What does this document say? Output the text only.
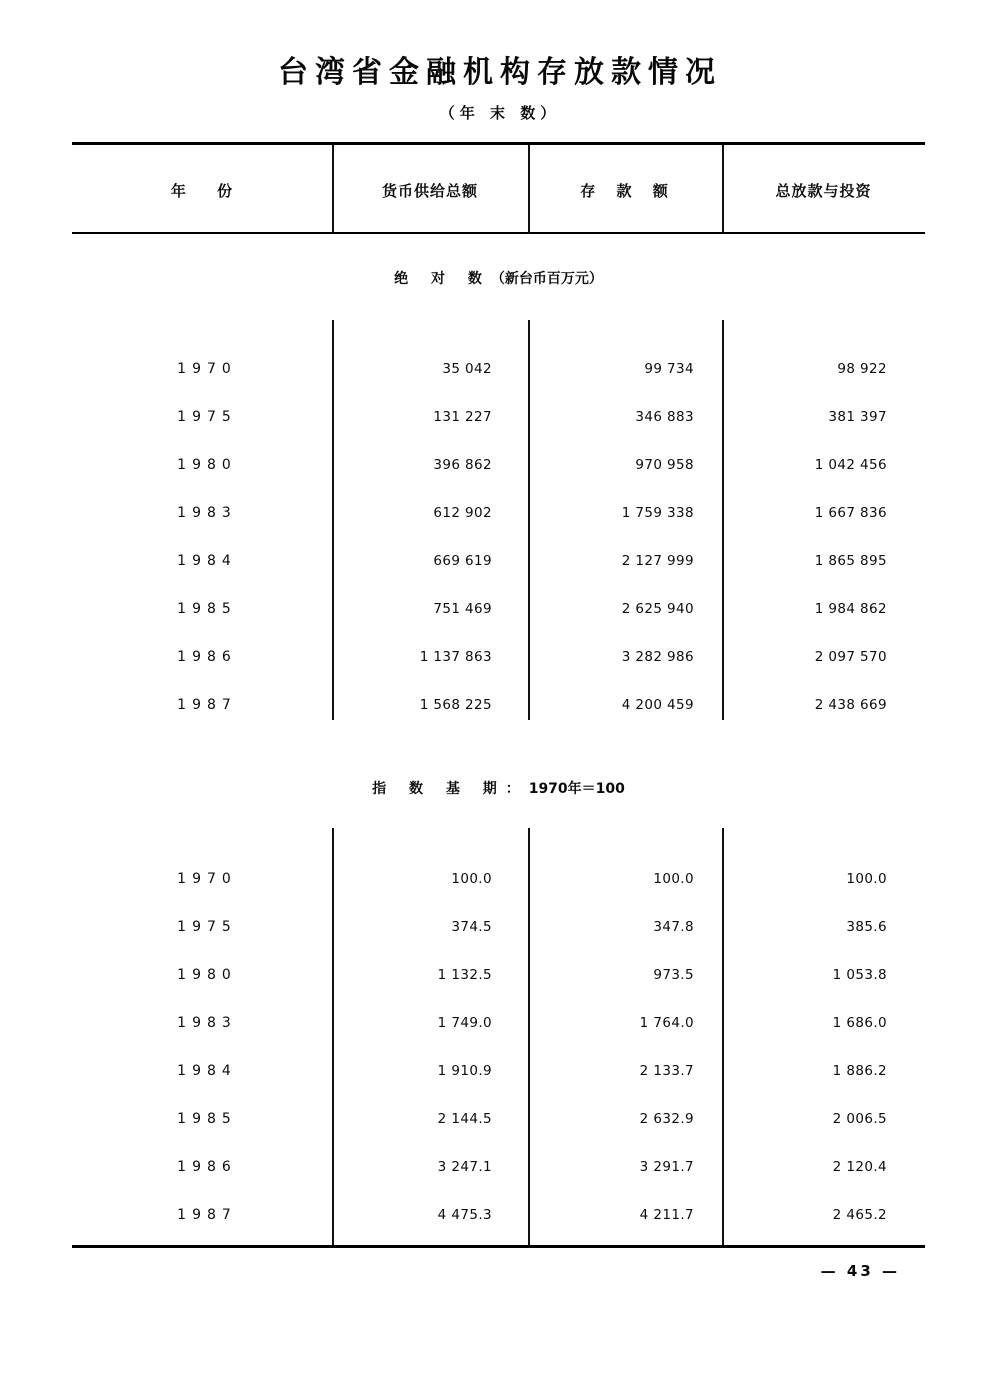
台湾省金融机构存放款情况
（年 末 数）
年 份	货币供给总额	存 款 额	总放款与投资
绝 对 数（新台币百万元）
1970	35 042	99 734	98 922
1975	131 227	346 883	381 397
1980	396 862	970 958	1 042 456
1983	612 902	1 759 338	1 667 836
1984	669 619	2 127 999	1 865 895
1985	751 469	2 625 940	1 984 862
1986	1 137 863	3 282 986	2 097 570
1987	1 568 225	4 200 459	2 438 669
指 数 基 期：1970年＝100
1970	100.0	100.0	100.0
1975	374.5	347.8	385.6
1980	1 132.5	973.5	1 053.8
1983	1 749.0	1 764.0	1 686.0
1984	1 910.9	2 133.7	1 886.2
1985	2 144.5	2 632.9	2 006.5
1986	3 247.1	3 291.7	2 120.4
1987	4 475.3	4 211.7	2 465.2
— 43 —
